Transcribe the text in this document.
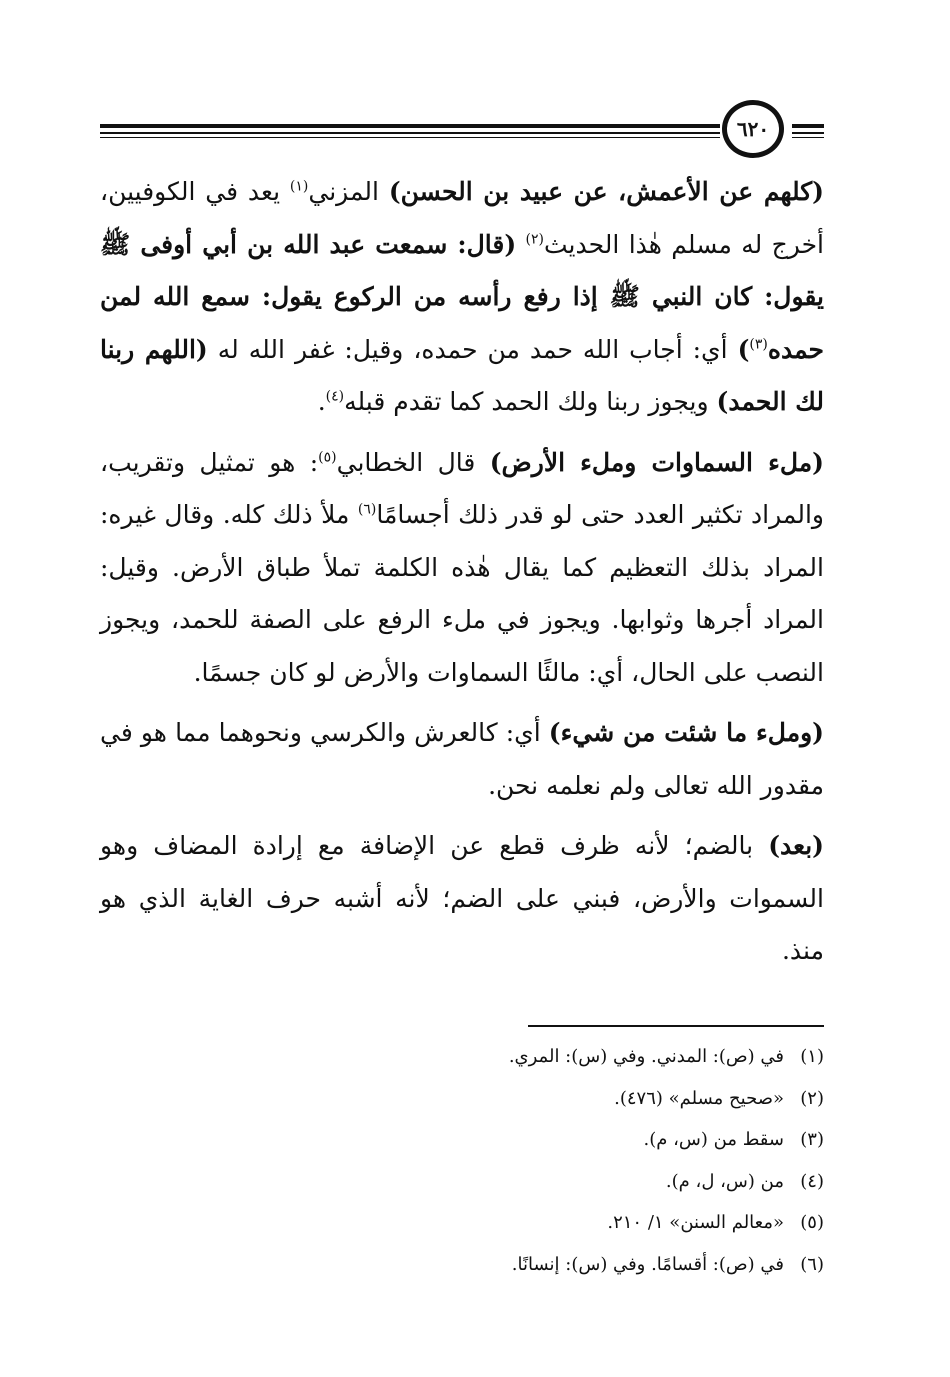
٦٢٠

(كلهم عن الأعمش، عن عبيد بن الحسن) المزني$^{(١)}$ يعد في الكوفيين، أخرج له مسلم هٰذا الحديث$^{(٢)}$ (قال: سمعت عبد الله بن أبي أوفى ﷺ يقول: كان النبي ﷺ إذا رفع رأسه من الركوع يقول: سمع الله لمن حمده$^{(٣)}$) أي: أجاب الله حمد من حمده، وقيل: غفر الله له (اللهم ربنا لك الحمد) ويجوز ربنا ولك الحمد كما تقدم قبله$^{(٤)}$.

(ملء السماوات وملء الأرض) قال الخطابي$^{(٥)}$: هو تمثيل وتقريب، والمراد تكثير العدد حتى لو قدر ذلك أجسامًا$^{(٦)}$ ملأ ذلك كله. وقال غيره: المراد بذلك التعظيم كما يقال هٰذه الكلمة تملأ طباق الأرض. وقيل: المراد أجرها وثوابها. ويجوز في ملء الرفع على الصفة للحمد، ويجوز النصب على الحال، أي: مالئًا السماوات والأرض لو كان جسمًا.

(وملء ما شئت من شيء) أي: كالعرش والكرسي ونحوهما مما هو في مقدور الله تعالى ولم نعلمه نحن.

(بعد) بالضم؛ لأنه ظرف قطع عن الإضافة مع إرادة المضاف وهو السموات والأرض، فبني على الضم؛ لأنه أشبه حرف الغاية الذي هو منذ.

(١)في (ص): المدني. وفي (س): المري.
(٢)«صحيح مسلم» (٤٧٦).
(٣)سقط من (س، م).
(٤)من (س، ل، م).
(٥)«معالم السنن» ١/ ٢١٠.
(٦)في (ص): أقسامًا. وفي (س): إنسانًا.
